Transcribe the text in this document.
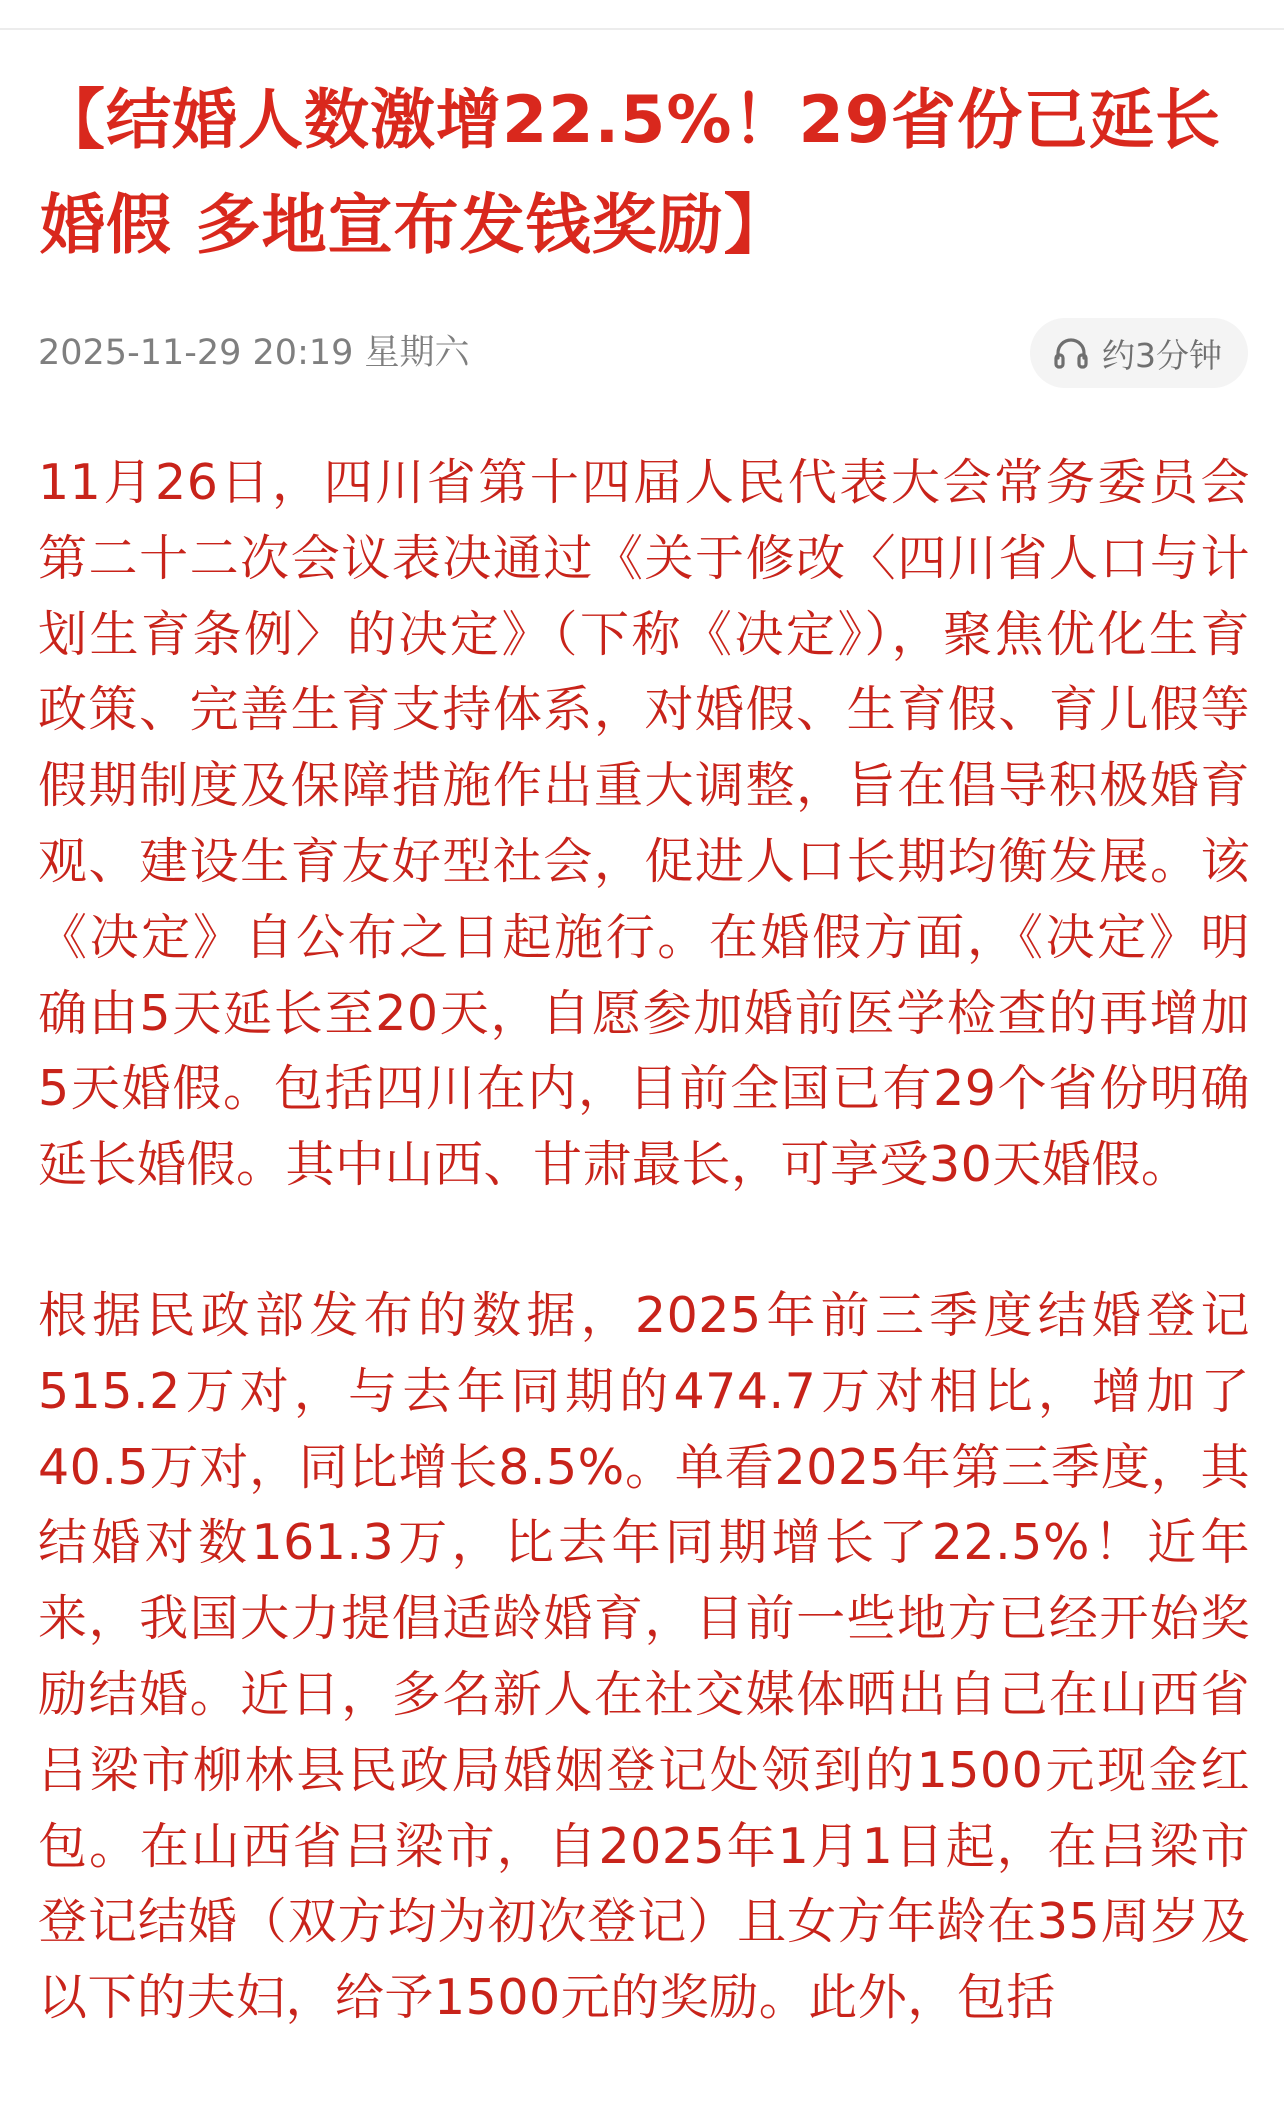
【结婚人数激增22.5%！29省份已延长婚假 多地宣布发钱奖励】
2025-11-29 20:19 星期六	约3分钟

11月26日，四川省第十四届人民代表大会常务委员会第二十二次会议表决通过《关于修改〈四川省人口与计划生育条例〉的决定》（下称《决定》），聚焦优化生育政策、完善生育支持体系，对婚假、生育假、育儿假等假期制度及保障措施作出重大调整，旨在倡导积极婚育观、建设生育友好型社会，促进人口长期均衡发展。该《决定》自公布之日起施行。在婚假方面，《决定》明确由5天延长至20天，自愿参加婚前医学检查的再增加5天婚假。包括四川在内，目前全国已有29个省份明确延长婚假。其中山西、甘肃最长，可享受30天婚假。

根据民政部发布的数据，2025年前三季度结婚登记515.2万对，与去年同期的474.7万对相比，增加了40.5万对，同比增长8.5%。单看2025年第三季度，其结婚对数161.3万，比去年同期增长了22.5%！近年来，我国大力提倡适龄婚育，目前一些地方已经开始奖励结婚。近日，多名新人在社交媒体晒出自己在山西省吕梁市柳林县民政局婚姻登记处领到的1500元现金红包。在山西省吕梁市，自2025年1月1日起，在吕梁市登记结婚（双方均为初次登记）且女方年龄在35周岁及以下的夫妇，给予1500元的奖励。此外，包括
